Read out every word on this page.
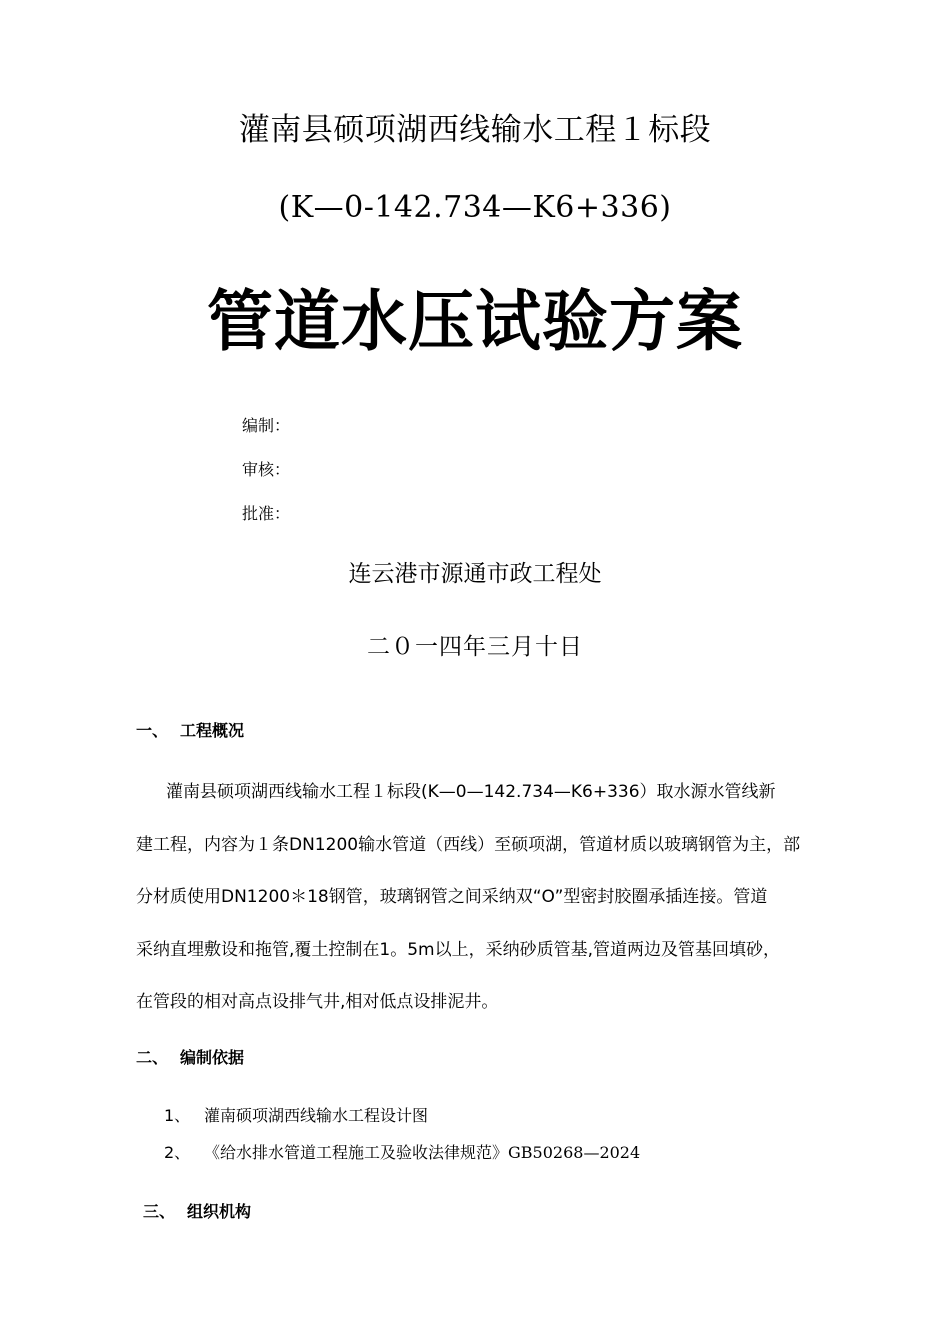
灌南县硕项湖西线输水工程１标段
(K—0-142.734—K6+336)
管道水压试验方案
编制：
审核：
批准：
连云港市源通市政工程处
二０一四年三月十日
一、 工程概况
灌南县硕项湖西线输水工程１标段(K—0—142.734—K6+336）取水源水管线新
建工程，内容为１条DN1200输水管道（西线）至硕项湖，管道材质以玻璃钢管为主，部
分材质使用DN1200＊18钢管，玻璃钢管之间采纳双“O”型密封胶圈承插连接。管道
采纳直埋敷设和拖管,覆土控制在1。5m以上，采纳砂质管基,管道两边及管基回填砂，
在管段的相对高点设排气井,相对低点设排泥井。
二、 编制依据
1、 灌南硕项湖西线输水工程设计图
2、 《给水排水管道工程施工及验收法律规范》GB50268—2024
三、 组织机构
